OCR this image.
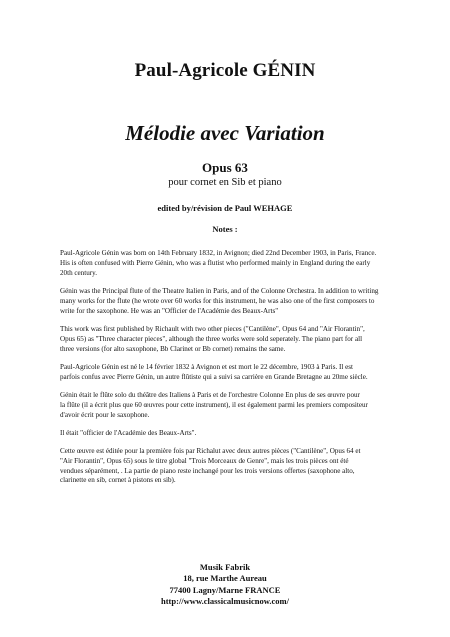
Paul-Agricole GÉNIN
Mélodie avec Variation
Opus 63
pour cornet en Sib et piano
edited by/révision de Paul WEHAGE
Notes :

Paul-Agricole Génin was born on 14th February 1832, in Avignon; died 22nd December 1903, in Paris, France.
His is often confused with Pierre Génin, who was a flutist who performed mainly in England during the early
20th century.

Génin was the Principal flute of the Theatre Italien in Paris, and of the Colonne Orchestra. In addition to writing
many works for the flute (he wrote over 60 works for this instrument, he was also one of the first composers to
write for the saxophone. He was an "Officier de l'Académie des Beaux-Arts"

This work was first published by Richault with two other pieces ("Cantilène", Opus 64 and "Air Florantin",
Opus 65) as "Three character pieces", although the three works were sold seperately. The piano part for all
three versions (for alto saxophone, Bb Clarinet or Bb cornet) remains the same.

Paul-Agricole Génin est né le 14 février 1832 à Avignon et est mort le 22 décembre, 1903 à Paris. Il est
parfois confus avec Pierre Génin, un autre flûtiste qui a suivi sa carrière en Grande Bretagne au 20me siècle.

Génin était le flûte solo du théâtre des Italiens à Paris et de l'orchestre Colonne En plus de ses œuvre pour
la flûte (il a écrit plus que 60 œuvres pour cette instrument), il est également parmi les premiers compositeur
d'avoir écrit pour le saxophone.

Il était "officier de l'Académie des Beaux-Arts".

Cette œuvre est éditée pour la première fois par Richalut avec deux autres pièces ("Cantilène", Opus 64 et
"Air Florantin", Opus 65) sous le titre global "Trois Morceaux de Genre", mais les trois pièces ont été
vendues séparément, . La partie de piano reste inchangé pour les trois versions offertes (saxophone alto,
clarinette en sib, cornet à pistons en sib).

Musik Fabrik
18, rue Marthe Aureau
77400 Lagny/Marne FRANCE
http://www.classicalmusicnow.com/
